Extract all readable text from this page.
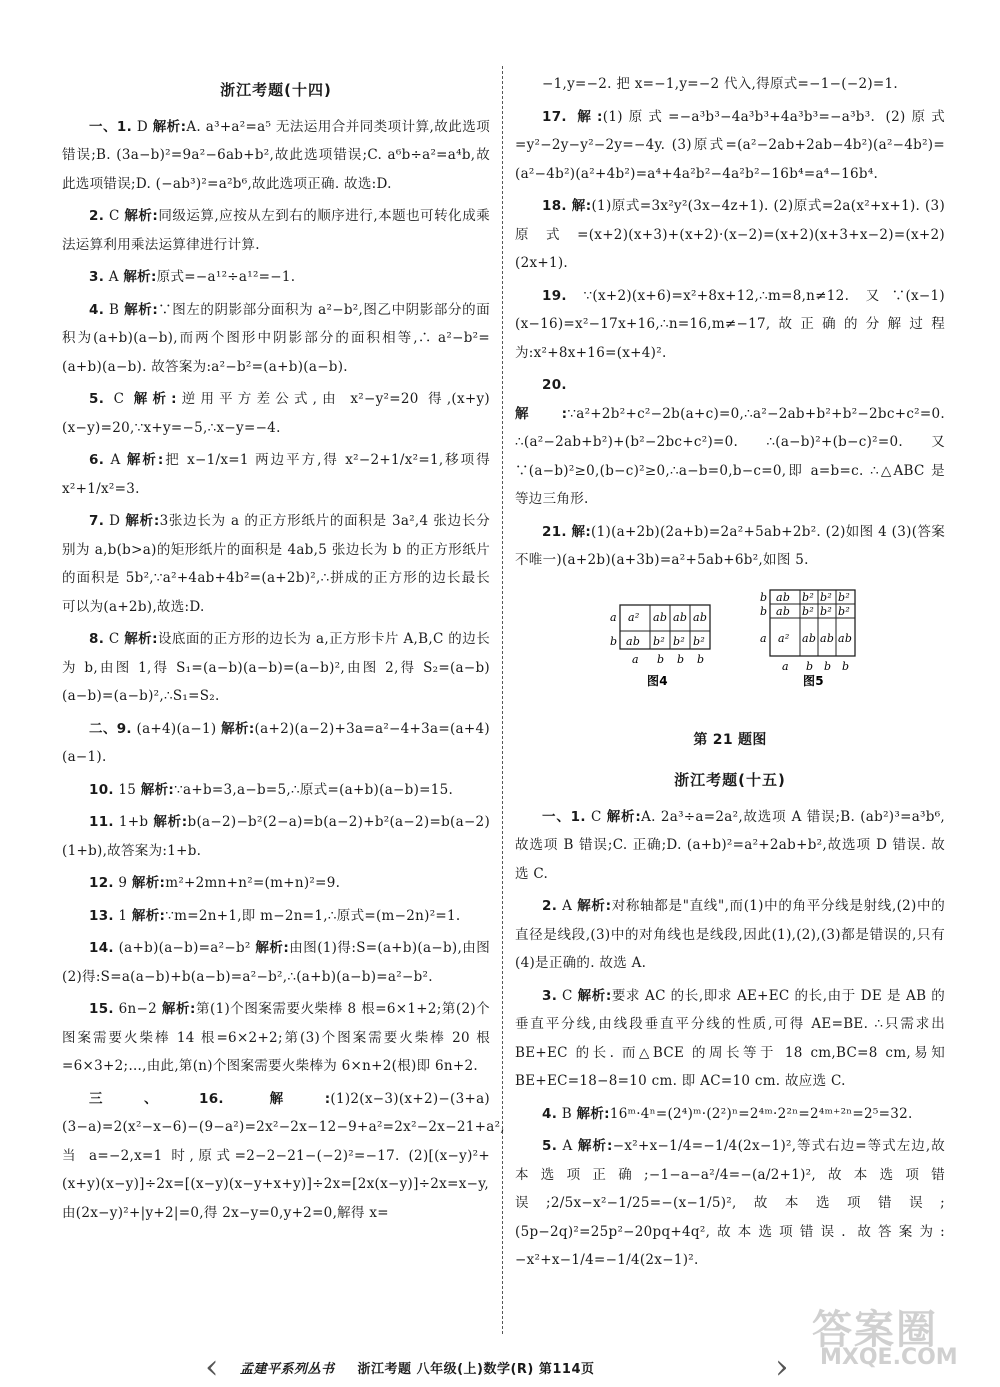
浙江考题(十四)

一、1. D 解析:A. a³+a²=a⁵ 无法运用合并同类项计算,故此选项错误;B. (3a−b)²=9a²−6ab+b²,故此选项错误;C. a⁶b÷a²=a⁴b,故此选项错误;D. (−ab³)²=a²b⁶,故此选项正确. 故选:D.

2. C 解析:同级运算,应按从左到右的顺序进行,本题也可转化成乘法运算利用乘法运算律进行计算.

3. A 解析:原式=−a¹²÷a¹²=−1.

4. B 解析:∵图左的阴影部分面积为 a²−b²,图乙中阴影部分的面积为(a+b)(a−b),而两个图形中阴影部分的面积相等,∴ a²−b²=(a+b)(a−b). 故答案为:a²−b²=(a+b)(a−b).

5. C 解析:逆用平方差公式,由 x²−y²=20 得,(x+y)(x−y)=20,∵x+y=−5,∴x−y=−4.

6. A 解析:把 x−1/x=1 两边平方,得 x²−2+1/x²=1,移项得 x²+1/x²=3.

7. D 解析:3张边长为 a 的正方形纸片的面积是 3a²,4 张边长分别为 a,b(b>a)的矩形纸片的面积是 4ab,5 张边长为 b 的正方形纸片的面积是 5b²,∵a²+4ab+4b²=(a+2b)²,∴拼成的正方形的边长最长可以为(a+2b),故选:D.

8. C 解析:设底面的正方形的边长为 a,正方形卡片 A,B,C 的边长为 b,由图 1,得 S₁=(a−b)(a−b)=(a−b)²,由图 2,得 S₂=(a−b)(a−b)=(a−b)²,∴S₁=S₂.

二、9. (a+4)(a−1) 解析:(a+2)(a−2)+3a=a²−4+3a=(a+4)(a−1).

10. 15 解析:∵a+b=3,a−b=5,∴原式=(a+b)(a−b)=15.

11. 1+b 解析:b(a−2)−b²(2−a)=b(a−2)+b²(a−2)=b(a−2)(1+b),故答案为:1+b.

12. 9 解析:m²+2mn+n²=(m+n)²=9.

13. 1 解析:∵m=2n+1,即 m−2n=1,∴原式=(m−2n)²=1.

14. (a+b)(a−b)=a²−b² 解析:由图(1)得:S=(a+b)(a−b),由图(2)得:S=a(a−b)+b(a−b)=a²−b²,∴(a+b)(a−b)=a²−b².

15. 6n−2 解析:第(1)个图案需要火柴棒 8 根=6×1+2;第(2)个图案需要火柴棒 14 根=6×2+2;第(3)个图案需要火柴棒 20 根=6×3+2;…,由此,第(n)个图案需要火柴棒为 6×n+2(根)即 6n+2.

三、16.	解:(1)2(x−3)(x+2)−(3+a)(3−a)=2(x²−x−6)−(9−a²)=2x²−2x−12−9+a²=2x²−2x−21+a²,当 a=−2,x=1 时,原式=2−2−21−(−2)²=−17. (2)[(x−y)²+(x+y)(x−y)]÷2x=[(x−y)(x−y+x+y)]÷2x=[2x(x−y)]÷2x=x−y,由(2x−y)²+|y+2|=0,得 2x−y=0,y+2=0,解得 x=

−1,y=−2. 把 x=−1,y=−2 代入,得原式=−1−(−2)=1.

17. 解:(1)原式=−a³b³−4a³b³+4a³b³=−a³b³. (2)原式=y²−2y−y²−2y=−4y. (3)原式=(a²−2ab+2ab−4b²)(a²−4b²)=(a²−4b²)(a²+4b²)=a⁴+4a²b²−4a²b²−16b⁴=a⁴−16b⁴.

18. 解:(1)原式=3x²y²(3x−4z+1). (2)原式=2a(x²+x+1). (3)原式=(x+2)(x+3)+(x+2)·(x−2)=(x+2)(x+3+x−2)=(x+2)(2x+1).

19. ∵(x+2)(x+6)=x²+8x+12,∴m=8,n≠12. 又∵(x−1)(x−16)=x²−17x+16,∴n=16,m≠−17,故正确的分解过程为:x²+8x+16=(x+4)².

20. 解:∵a²+2b²+c²−2b(a+c)=0,∴a²−2ab+b²+b²−2bc+c²=0. ∴(a²−2ab+b²)+(b²−2bc+c²)=0. ∴(a−b)²+(b−c)²=0. 又∵(a−b)²≥0,(b−c)²≥0,∴a−b=0,b−c=0,即 a=b=c. ∴△ABC 是等边三角形.

21. 解:(1)(a+2b)(2a+b)=2a²+5ab+2b². (2)如图 4 (3)(答案不唯一)(a+2b)(a+3b)=a²+5ab+6b²,如图 5.

a² ab ab ab
ab b² b² b²
a
b
a b b b
图4
ab b² b² b²
ab b² b² b²
a² ab ab ab
b
b
a
a b b b
图5
第 21 题图
浙江考题(十五)

一、1. C 解析:A. 2a³÷a=2a²,故选项 A 错误;B. (ab²)³=a³b⁶,故选项 B 错误;C. 正确;D. (a+b)²=a²+2ab+b²,故选项 D 错误. 故选 C.

2. A 解析:对称轴都是"直线",而(1)中的角平分线是射线,(2)中的直径是线段,(3)中的对角线也是线段,因此(1),(2),(3)都是错误的,只有(4)是正确的. 故选 A.

3. C 解析:要求 AC 的长,即求 AE+EC 的长,由于 DE 是 AB 的垂直平分线,由线段垂直平分线的性质,可得 AE=BE. ∴只需求出 BE+EC 的长. 而△BCE 的周长等于 18 cm,BC=8 cm,易知 BE+EC=18−8=10 cm. 即 AC=10 cm. 故应选 C.

4. B 解析:16ᵐ·4ⁿ=(2⁴)ᵐ·(2²)ⁿ=2⁴ᵐ·2²ⁿ=2⁴ᵐ⁺²ⁿ=2⁵=32.

5. A 解析:−x²+x−1/4=−1/4(2x−1)²,等式右边=等式左边,故本选项正确;−1−a−a²/4=−(a/2+1)²,故本选项错误;2/5x−x²−1/25=−(x−1/5)²,故本选项错误;(5p−2q)²=25p²−20pq+4q²,故本选项错误. 故答案为:−x²+x−1/4=−1/4(2x−1)².

‹ 孟建平系列丛书 浙江考题 八年级(上)数学(R) 第114页	›
答案圈
MXQE.COM
